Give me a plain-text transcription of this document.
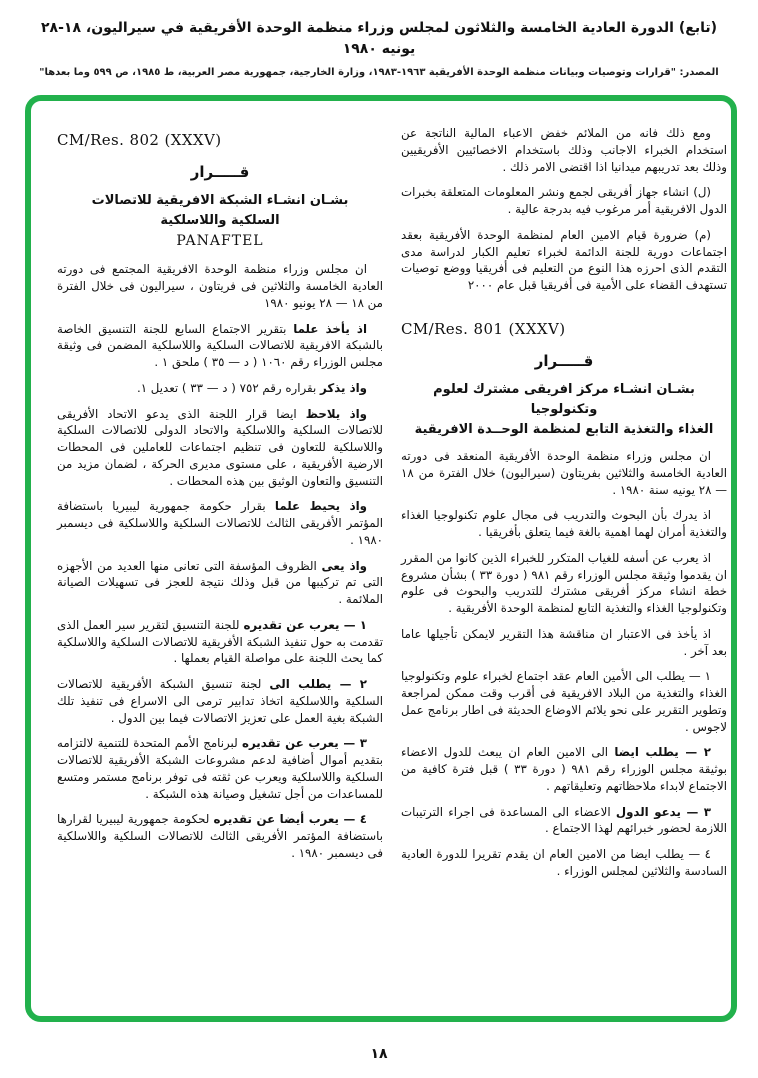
(تابع) الدورة العادية الخامسة والثلاثون لمجلس وزراء منظمة الوحدة الأفريقية في سيراليون، ١٨-٢٨ يونيه ١٩٨٠
المصدر: "قرارات وتوصيات وبيانات منظمة الوحدة الأفريقية ١٩٦٣-١٩٨٣، وزارة الخارجية، جمهورية مصر العربية، ط ١٩٨٥، ص ٥٩٩ وما بعدها"
CM/Res. 802 (XXXV)
قـــــرار
بشـان انشـاء الشبكة الافريقية للاتصالات
السلكية واللاسلكية
PANAFTEL

ان مجلس وزراء منظمة الوحدة الافريقية المجتمع فى دورته العادية الخامسة والثلاثين فى فريتاون ، سيراليون فى خلال الفترة من ١٨ — ٢٨ يونيو ١٩٨٠

اذ يأخذ علما بتقرير الاجتماع السابع للجنة التنسيق الخاصة بالشبكة الافريقية للاتصالات السلكية واللاسلكية المضمن فى وثيقة مجلس الوزراء رقم ١٠٦٠ ( د — ٣٥ ) ملحق ١ .

واذ يذكر بقراره رقم ٧٥٢ ( د — ٣٣ ) تعديل ١.

واذ يلاحظ ايضا قرار اللجنة الذى يدعو الاتحاد الأفريقى للاتصالات السلكية واللاسلكية والاتحاد الدولى للاتصالات السلكية واللاسلكية للتعاون فى تنظيم اجتماعات للعاملين فى المحطات الارضية الأفريقية ، على مستوى مديرى الحركة ، لضمان مزيد من التنسيق والتعاون الوثيق بين هذه المحطات .

واذ يحيط علما بقرار حكومة جمهورية ليبيريا باستضافة المؤتمر الأفريقى الثالث للاتصالات السلكية واللاسلكية فى ديسمبر ١٩٨٠ .

واذ يعى الظروف المؤسفة التى تعانى منها العديد من الأجهزه التى تم تركيبها من قبل وذلك نتيجة للعجز فى تسهيلات الصيانة الملائمة .

١ — يعرب عن تقديره للجنة التنسيق لتقرير سير العمل الذى تقدمت به حول تنفيذ الشبكة الأفريقية للاتصالات السلكية واللاسلكية كما يحث اللجنة على مواصلة القيام بعملها .

٢ — يطلب الى لجنة تنسيق الشبكة الأفريقية للاتصالات السلكية واللاسلكية اتخاذ تدابير ترمى الى الاسراع فى تنفيذ تلك الشبكة بغية العمل على تعزيز الاتصالات فيما بين الدول .

٣ — يعرب عن تقديره لبرنامج الأمم المتحدة للتنمية لالتزامه بتقديم أموال أضافية لدعم مشروعات الشبكة الأفريقية للاتصالات السلكية واللاسلكية ويعرب عن ثقته فى توفر برنامج مستمر ومتسع للمساعدات من أجل تشغيل وصيانة هذه الشبكة .

٤ — يعرب أيضا عن تقديره لحكومة جمهورية ليبيريا لقرارها باستضافة المؤتمر الأفريقى الثالث للاتصالات السلكية واللاسلكية فى ديسمبر ١٩٨٠ .

ومع ذلك فانه من الملائم خفض الاعباء المالية الناتجة عن استخدام الخبراء الاجانب وذلك باستخدام الاخصائيين الأفريقيين وذلك بعد تدريبهم ميدانيا اذا اقتضى الامر ذلك .

(ل) انشاء جهاز أفريقى لجمع ونشر المعلومات المتعلقة بخبرات الدول الافريقية أمر مرغوب فيه بدرجة عالية .

(م) ضرورة قيام الامين العام لمنظمة الوحدة الأفريقية بعقد اجتماعات دورية للجنة الدائمة لخبراء تعليم الكبار لدراسة مدى التقدم الذى احرزه هذا النوع من التعليم فى أفريقيا ووضع توصيات تستهدف القضاء على الأمية فى أفريقيا قبل عام ٢٠٠٠

CM/Res. 801 (XXXV)
قـــــرار
بشـان انشـاء مركز افريقى مشترك لعلوم وتكنولوجيا
الغذاء والتغذية التابع لمنظمة الوحــدة الافريقية

ان مجلس وزراء منظمة الوحدة الأفريقية المنعقد فى دورته العادية الخامسة والثلاثين بفريتاون (سيراليون) خلال الفترة من ١٨ — ٢٨ يونيه سنة ١٩٨٠ .

اذ يدرك بأن البحوث والتدريب فى مجال علوم تكنولوجيا الغذاء والتغذية أمران لهما اهمية بالغة فيما يتعلق بأفريقيا .

اذ يعرب عن أسفه للغياب المتكرر للخبراء الذين كانوا من المقرر ان يقدموا وثيقة مجلس الوزراء رقم ٩٨١ ( دورة ٣٣ ) بشأن مشروع خطة انشاء مركز أفريقى مشترك للتدريب والبحوث فى علوم وتكنولوجيا الغذاء والتغذية التابع لمنظمة الوحدة الأفريقية .

اذ يأخذ فى الاعتبار ان مناقشة هذا التقرير لايمكن تأجيلها عاما بعد آخر .

١ — يطلب الى الأمين العام عقد اجتماع لخبراء علوم وتكنولوجيا الغذاء والتغذية من البلاد الافريقية فى أقرب وقت ممكن لمراجعة وتطوير التقرير على نحو يلائم الاوضاع الحديثة فى اطار برنامج عمل لاجوس .

٢ — يطلب ايضا الى الامين العام ان يبعث للدول الاعضاء بوثيقة مجلس الوزراء رقم ٩٨١ ( دورة ٣٣ ) قبل فترة كافية من الاجتماع لابداء ملاحظاتهم وتعليقاتهم .

٣ — يدعو الدول الاعضاء الى المساعدة فى اجراء الترتيبات اللازمة لحضور خبرائهم لهذا الاجتماع .

٤ — يطلب ايضا من الامين العام ان يقدم تقريرا للدورة العادية السادسة والثلاثين لمجلس الوزراء .

١٨
